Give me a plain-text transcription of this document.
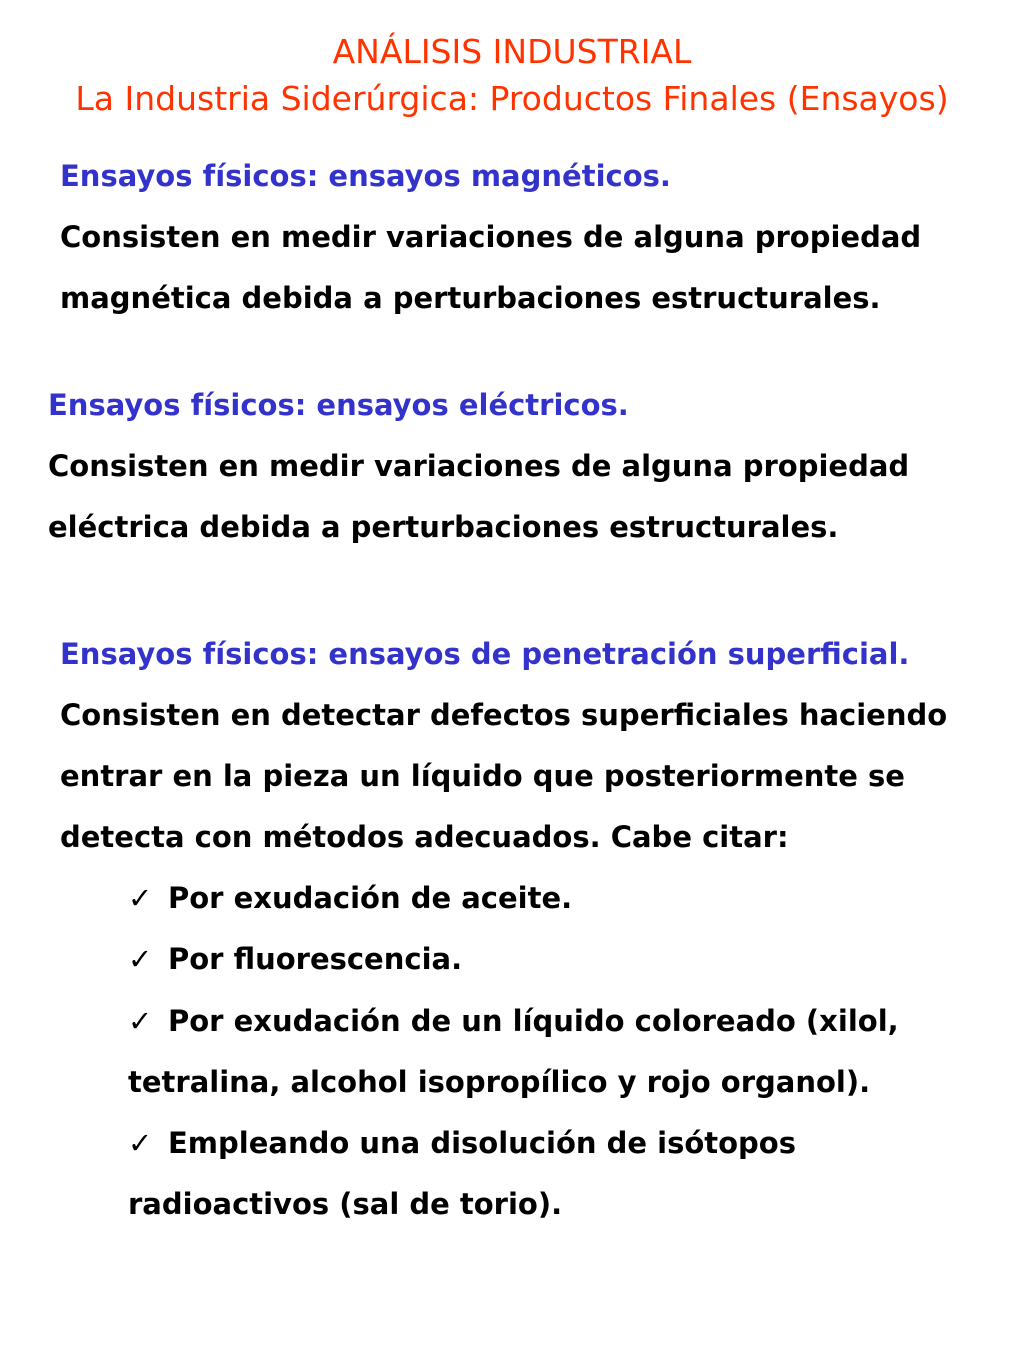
ANÁLISIS INDUSTRIAL
La Industria Siderúrgica: Productos Finales (Ensayos)
Ensayos físicos: ensayos magnéticos.
Consisten en medir variaciones de alguna propiedad
magnética debida a perturbaciones estructurales.
Ensayos físicos: ensayos eléctricos.
Consisten en medir variaciones de alguna propiedad
eléctrica debida a perturbaciones estructurales.
Ensayos físicos: ensayos de penetración superficial.
Consisten en detectar defectos superficiales haciendo
entrar en la pieza un líquido que posteriormente se
detecta con métodos adecuados. Cabe citar:
✓ Por exudación de aceite.
✓ Por fluorescencia.
✓ Por exudación de un líquido coloreado (xilol,
tetralina, alcohol isopropílico y rojo organol).
✓ Empleando una disolución de isótopos
radioactivos (sal de torio).
